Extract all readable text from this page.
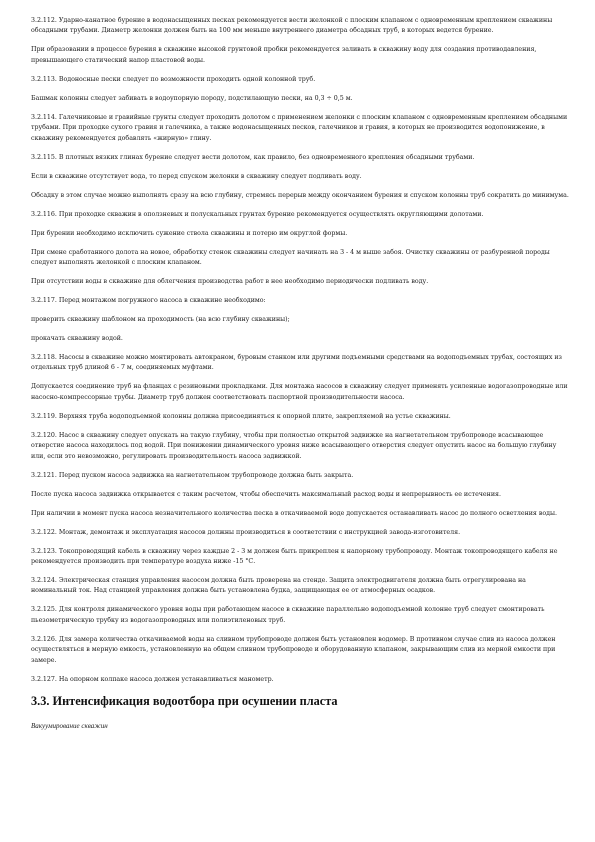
3.2.112. Ударно-канатное бурение в водонасыщенных песках рекомендуется вести желонкой с плоским клапаном с одновременным креплением скважины обсадными трубами. Диаметр желонки должен быть на 100 мм меньше внутреннего диаметра обсадных труб, в которых ведется бурение.

При образовании в процессе бурения в скважине высокой грунтовой пробки рекомендуется заливать в скважину воду для создания противодавления, превышающего статический напор пластовой воды.

3.2.113. Водоносные пески следует по возможности проходить одной колонной труб.

Башмак колонны следует забивать в водоупорную породу, подстилающую пески, на 0,3 ÷ 0,5 м.

3.2.114. Галечниковые и гравийные грунты следует проходить долотом с применением желонки с плоским клапаном с одновременным креплением обсадными трубами. При проходке сухого гравия и галечника, а также водонасыщенных песков, галечников и гравия, в которых не производится водопонижение, в скважину рекомендуется добавлять «жирную» глину.

3.2.115. В плотных вязких глинах бурение следует вести долотом, как правило, без одновременного крепления обсадными трубами.

Если в скважине отсутствует вода, то перед спуском желонки в скважину следует подливать воду.

Обсадку в этом случае можно выполнять сразу на всю глубину, стремясь перерыв между окончанием бурения и спуском колонны труб сократить до минимума.

3.2.116. При проходке скважин в оползневых и полускальных грунтах бурение рекомендуется осуществлять округляющими долотами.

При бурении необходимо исключить сужение ствола скважины и потерю им округлой формы.

При смене сработанного долота на новое, обработку стенок скважины следует начинать на 3 - 4 м выше забоя. Очистку скважины от разбуренной породы следует выполнять желонкой с плоским клапаном.

При отсутствии воды в скважине для облегчения производства работ в нее необходимо периодически подливать воду.

3.2.117. Перед монтажом погружного насоса в скважине необходимо:

проверить скважину шаблоном на проходимость (на всю глубину скважины);

прокачать скважину водой.

3.2.118. Насосы в скважине можно монтировать автокраном, буровым станком или другими подъемными средствами на водоподъемных трубах, состоящих из отдельных труб длиной 6 - 7 м, соединяемых муфтами.

Допускается соединение труб на фланцах с резиновыми прокладками. Для монтажа насосов в скважину следует применять усиленные водогазопроводные или насосно-компрессорные трубы. Диаметр труб должен соответствовать паспортной производительности насоса.

3.2.119. Верхняя труба водоподъемной колонны должна присоединяться к опорной плите, закрепляемой на устье скважины.

3.2.120. Насос в скважину следует опускать на такую глубину, чтобы при полностью открытой задвижке на нагнетательном трубопроводе всасывающее отверстие насоса находилось под водой. При понижении динамического уровня ниже всасывающего отверстия следует опустить насос на большую глубину или, если это невозможно, регулировать производительность насоса задвижкой.

3.2.121. Перед пуском насоса задвижка на нагнетательном трубопроводе должна быть закрыта.

После пуска насоса задвижка открывается с таким расчетом, чтобы обеспечить максимальный расход воды и непрерывность ее истечения.

При наличии в момент пуска насоса незначительного количества песка в откачиваемой воде допускается останавливать насос до полного осветления воды.

3.2.122. Монтаж, демонтаж и эксплуатация насосов должны производиться в соответствии с инструкцией завода-изготовителя.

3.2.123. Токопроводящий кабель в скважину через каждые 2 - 3 м должен быть прикреплен к напорному трубопроводу. Монтаж токопроводящего кабеля не рекомендуется производить при температуре воздуха ниже -15 °С.

3.2.124. Электрическая станция управления насосом должна быть проверена на стенде. Защита электродвигателя должна быть отрегулирована на номинальный ток. Над станцией управления должна быть установлена будка, защищающая ее от атмосферных осадков.

3.2.125. Для контроля динамического уровня воды при работающем насосе в скважине параллельно водоподъемной колонне труб следует смонтировать пьезометрическую трубку из водогазопроводных или полиэтиленовых труб.

3.2.126. Для замера количества откачиваемой воды на сливном трубопроводе должен быть установлен водомер. В противном случае слив из насоса должен осуществляться в мерную емкость, установленную на общем сливном трубопроводе и оборудованную клапаном, закрывающим слив из мерной емкости при замере.

3.2.127. На опорном колпаке насоса должен устанавливаться манометр.

3.3. Интенсификация водоотбора при осушении пласта

Вакуумирование скважин
